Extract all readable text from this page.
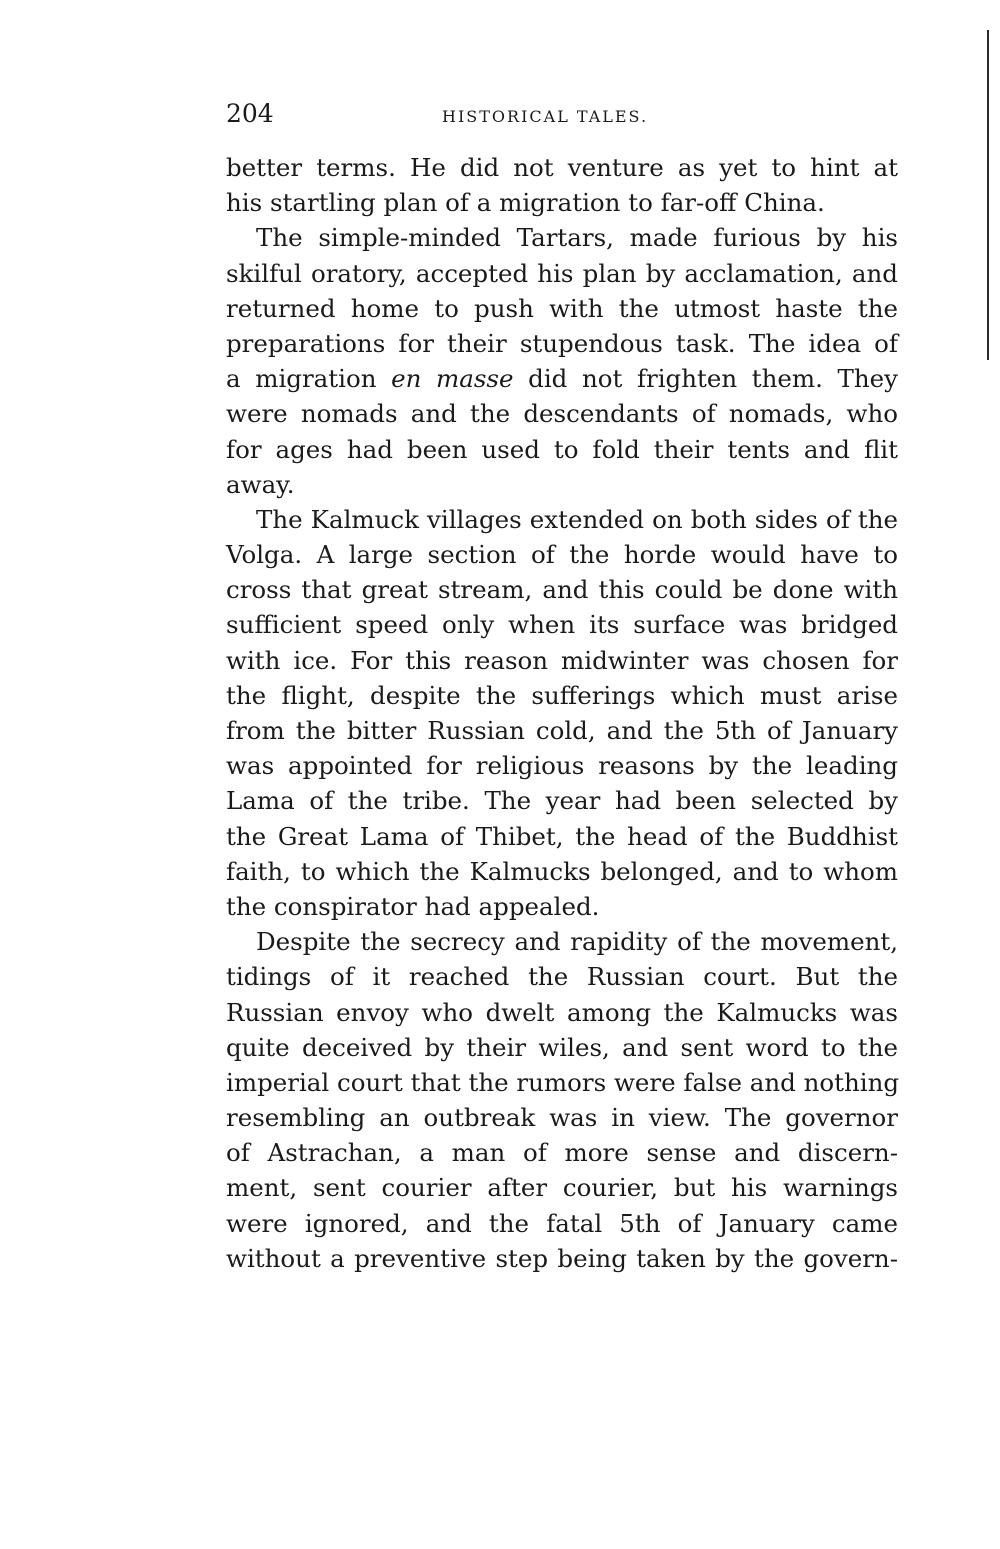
204	HISTORICAL TALES.
better terms. He did not venture as yet to hint at
his startling plan of a migration to far-off China.
The simple-minded Tartars, made furious by his
skilful oratory, accepted his plan by acclamation, and
returned home to push with the utmost haste the
preparations for their stupendous task. The idea of
a migration en masse did not frighten them. They
were nomads and the descendants of nomads, who
for ages had been used to fold their tents and flit
away.
The Kalmuck villages extended on both sides of the
Volga. A large section of the horde would have to
cross that great stream, and this could be done with
sufficient speed only when its surface was bridged
with ice. For this reason midwinter was chosen for
the flight, despite the sufferings which must arise
from the bitter Russian cold, and the 5th of January
was appointed for religious reasons by the leading
Lama of the tribe. The year had been selected by
the Great Lama of Thibet, the head of the Buddhist
faith, to which the Kalmucks belonged, and to whom
the conspirator had appealed.
Despite the secrecy and rapidity of the movement,
tidings of it reached the Russian court. But the
Russian envoy who dwelt among the Kalmucks was
quite deceived by their wiles, and sent word to the
imperial court that the rumors were false and nothing
resembling an outbreak was in view. The governor
of Astrachan, a man of more sense and discern-
ment, sent courier after courier, but his warnings
were ignored, and the fatal 5th of January came
without a preventive step being taken by the govern-
